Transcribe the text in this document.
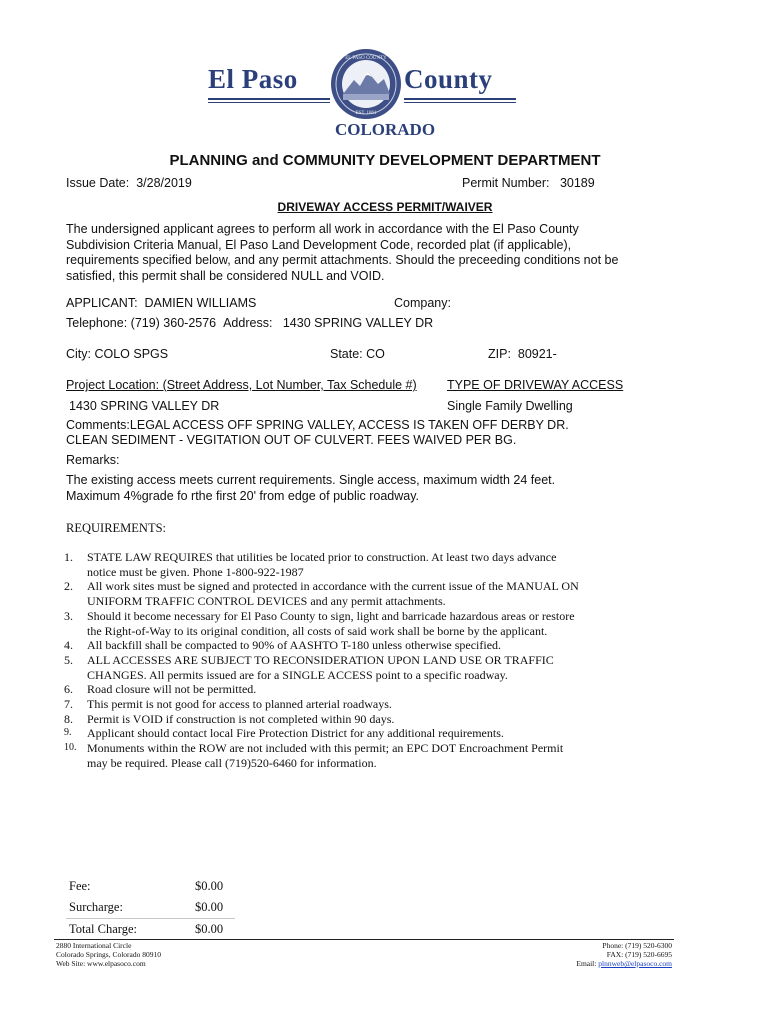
El Paso
EL PASO COUNTY
EST. 1861
County
COLORADO
PLANNING and COMMUNITY DEVELOPMENT DEPARTMENT
Issue Date: 3/28/2019	Permit Number: 30189
DRIVEWAY ACCESS PERMIT/WAIVER
The undersigned applicant agrees to perform all work in accordance with the El Paso County
Subdivision Criteria Manual, El Paso Land Development Code, recorded plat (if applicable),
requirements specified below, and any permit attachments. Should the preceeding conditions not be
satisfied, this permit shall be considered NULL and VOID.
APPLICANT: DAMIEN WILLIAMS	Company:
Telephone: (719) 360-2576 Address: 1430 SPRING VALLEY DR
City: COLO SPGS	State: CO	ZIP: 80921-
Project Location: (Street Address, Lot Number, Tax Schedule #) TYPE OF DRIVEWAY ACCESS
1430 SPRING VALLEY DR	Single Family Dwelling
Comments:LEGAL ACCESS OFF SPRING VALLEY, ACCESS IS TAKEN OFF DERBY DR.
CLEAN SEDIMENT - VEGITATION OUT OF CULVERT. FEES WAIVED PER BG.
Remarks:
The existing access meets current requirements. Single access, maximum width 24 feet.
Maximum 4%grade fo rthe first 20' from edge of public roadway.
REQUIREMENTS:
1. STATE LAW REQUIRES that utilities be located prior to construction. At least two days advance
notice must be given. Phone 1-800-922-1987
2. All work sites must be signed and protected in accordance with the current issue of the MANUAL ON
UNIFORM TRAFFIC CONTROL DEVICES and any permit attachments.
3. Should it become necessary for El Paso County to sign, light and barricade hazardous areas or restore
the Right-of-Way to its original condition, all costs of said work shall be borne by the applicant.
4. All backfill shall be compacted to 90% of AASHTO T-180 unless otherwise specified.
5. ALL ACCESSES ARE SUBJECT TO RECONSIDERATION UPON LAND USE OR TRAFFIC
CHANGES. All permits issued are for a SINGLE ACCESS point to a specific roadway.
6. Road closure will not be permitted.
7. This permit is not good for access to planned arterial roadways.
8. Permit is VOID if construction is not completed within 90 days.
9. Applicant should contact local Fire Protection District for any additional requirements.
10. Monuments within the ROW are not included with this permit; an EPC DOT Encroachment Permit
may be required. Please call (719)520-6460 for information.
Fee:	$0.00
Surcharge:	$0.00
Total Charge:	$0.00
2880 International Circle
Colorado Springs, Colorado 80910
Web Site: www.elpasoco.com
Phone: (719) 520-6300
FAX: (719) 520-6695
Email: plnnweb@elpasoco.com
